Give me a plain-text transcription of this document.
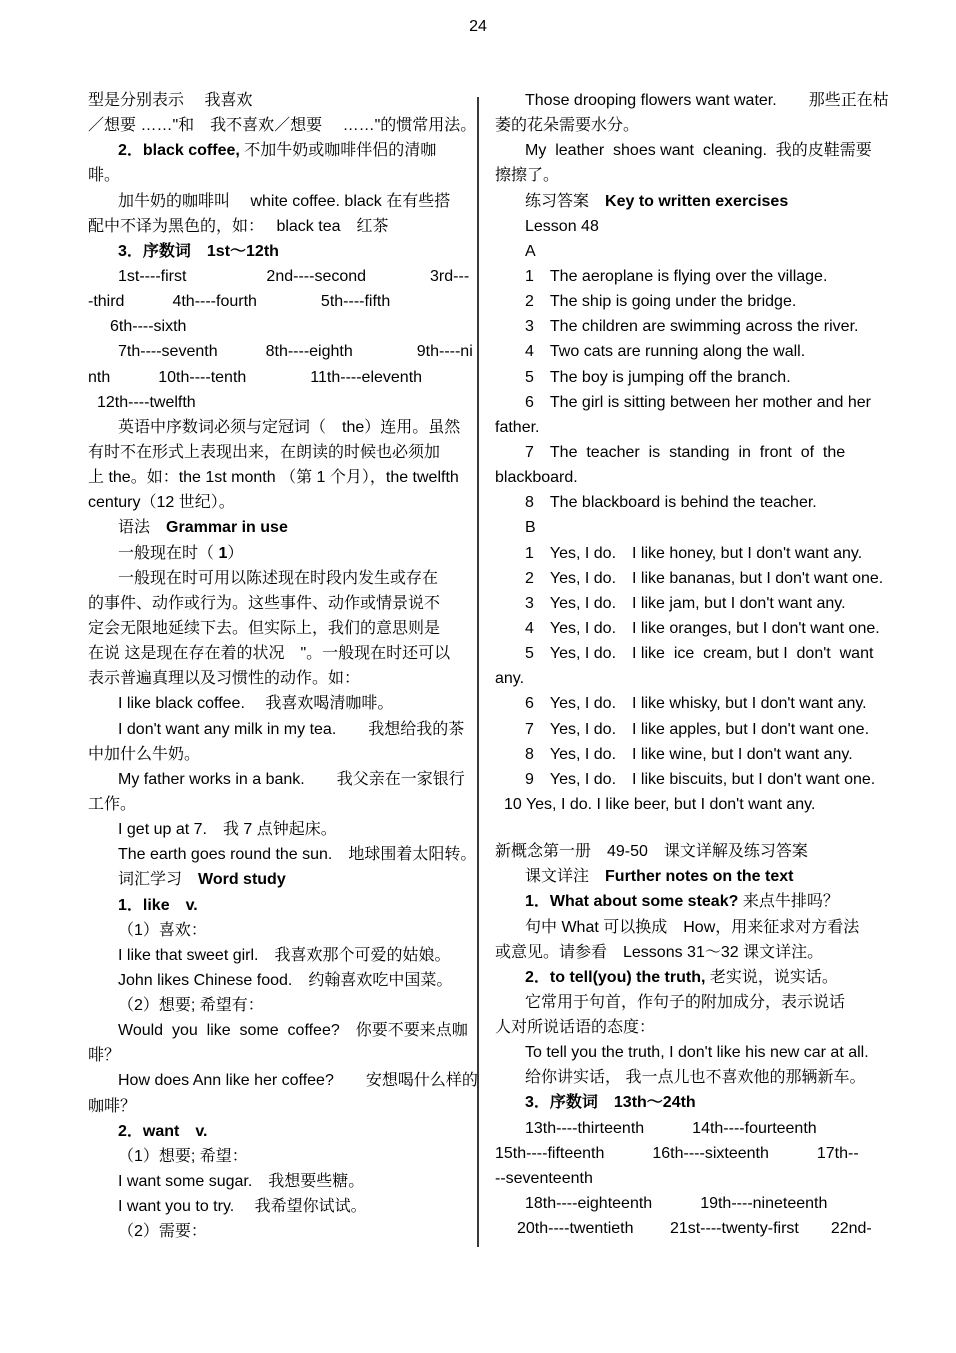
24
型是分别表示　 我喜欢
／想要 ……"和　我不喜欢／想要　 ……"的惯常用法。
2．black coffee, 不加牛奶或咖啡伴侣的清咖
啡。
加牛奶的咖啡叫　 white coffee. black 在有些搭
配中不译为黑色的，如：　 black tea　红茶
3．序数词　1st～12th
1st----first　　　　　2nd----second　　　　3rd---
-third　　　4th----fourth　　　　5th----fifth
6th----sixth
7th----seventh　　　8th----eighth　　　　9th----ni
nth　　　10th----tenth　　　　11th----eleventh
12th----twelfth
英语中序数词必须与定冠词（　the）连用。虽然
有时不在形式上表现出来，在朗读的时候也必须加
上 the。如：the 1st month （第 1 个月），the twelfth
century（12 世纪）。
语法　Grammar in use
一般现在时（ 1）
一般现在时可用以陈述现在时段内发生或存在
的事件、动作或行为。这些事件、动作或情景说不
定会无限地延续下去。但实际上，我们的意思则是
在说 这是现在存在着的状况　"。一般现在时还可以
表示普遍真理以及习惯性的动作。如：
I like black coffee.　 我喜欢喝清咖啡。
I don't want any milk in my tea.　　我想给我的茶
中加什么牛奶。
My father works in a bank.　　我父亲在一家银行
工作。
I get up at 7.　我 7 点钟起床。
The earth goes round the sun.　地球围着太阳转。
词汇学习　Word study
1．like　v.
（1）喜欢：
I like that sweet girl.　我喜欢那个可爱的姑娘。
John likes Chinese food.　约翰喜欢吃中国菜。
（2）想要; 希望有：
Would  you  like  some  coffee?　你要不要来点咖
啡？
How does Ann like her coffee?　　安想喝什么样的
咖啡？
2．want　v.
（1）想要; 希望：
I want some sugar.　我想要些糖。
I want you to try.　 我希望你试试。
（2）需要：
Those drooping flowers want water.　　那些正在枯
萎的花朵需要水分。
My  leather  shoes want  cleaning.  我的皮鞋需要
擦擦了。
练习答案　Key to written exercises
Lesson 48
A
1　The aeroplane is flying over the village.
2　The ship is going under the bridge.
3　The children are swimming across the river.
4　Two cats are running along the wall.
5　The boy is jumping off the branch.
6　The girl is sitting between her mother and her
father.
7　The  teacher  is  standing  in  front  of  the
blackboard.
8　The blackboard is behind the teacher.
B
1　Yes, I do.　I like honey, but I don't want any.
2　Yes, I do.　I like bananas, but I don't want one.
3　Yes, I do.　I like jam, but I don't want any.
4　Yes, I do.　I like oranges, but I don't want one.
5　Yes, I do.　I like  ice  cream, but I  don't  want
any.
6　Yes, I do.　I like whisky, but I don't want any.
7　Yes, I do.　I like apples, but I don't want one.
8　Yes, I do.　I like wine, but I don't want any.
9　Yes, I do.　I like biscuits, but I don't want one.
10 Yes, I do. I like beer, but I don't want any.
新概念第一册　49-50　课文详解及练习答案
课文详注　Further notes on the text
1．What about some steak? 来点牛排吗？
句中 What 可以换成　How，用来征求对方看法
或意见。请参看　Lessons 31～32 课文详注。
2．to tell(you) the truth, 老实说，说实话。
它常用于句首，作句子的附加成分，表示说话
人对所说话语的态度：
To tell you the truth, I don't like his new car at all.
给你讲实话， 我一点儿也不喜欢他的那辆新车。
3．序数词　13th～24th
13th----thirteenth　　　14th----fourteenth
15th----fifteenth　　　16th----sixteenth　　　17th--
--seventeenth
18th----eighteenth　　　19th----nineteenth
20th----twentieth　　 21st----twenty-first　　22nd-
